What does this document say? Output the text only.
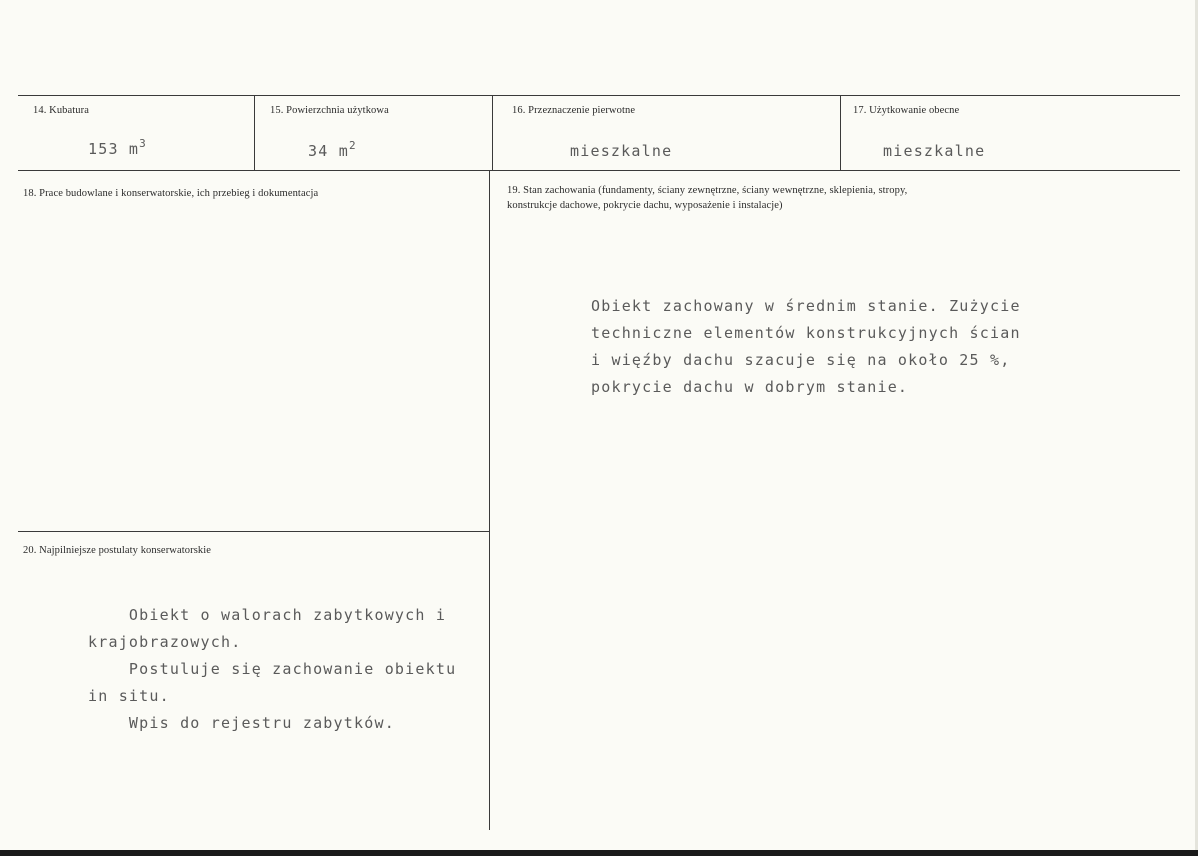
14. Kubatura
153 $m^3$
15. Powierzchnia użytkowa
34 $m^2$
16. Przeznaczenie pierwotne
mieszkalne
17. Użytkowanie obecne
mieszkalne
18. Prace budowlane i konserwatorskie, ich przebieg i dokumentacja	19. Stan zachowania (fundamenty, ściany zewnętrzne, ściany wewnętrzne, sklepienia, stropy,
konstrukcje dachowe, pokrycie dachu, wyposażenie i instalacje)

Obiekt zachowany w średnim stanie. Zużycie
techniczne elementów konstrukcyjnych ścian
i więźby dachu szacuje się na około 25 %,
pokrycie dachu w dobrym stanie.

20. Najpilniejsze postulaty konserwatorskie

Obiekt o walorach zabytkowych i
krajobrazowych.
Postuluje się zachowanie obiektu
in situ.
Wpis do rejestru zabytków.
